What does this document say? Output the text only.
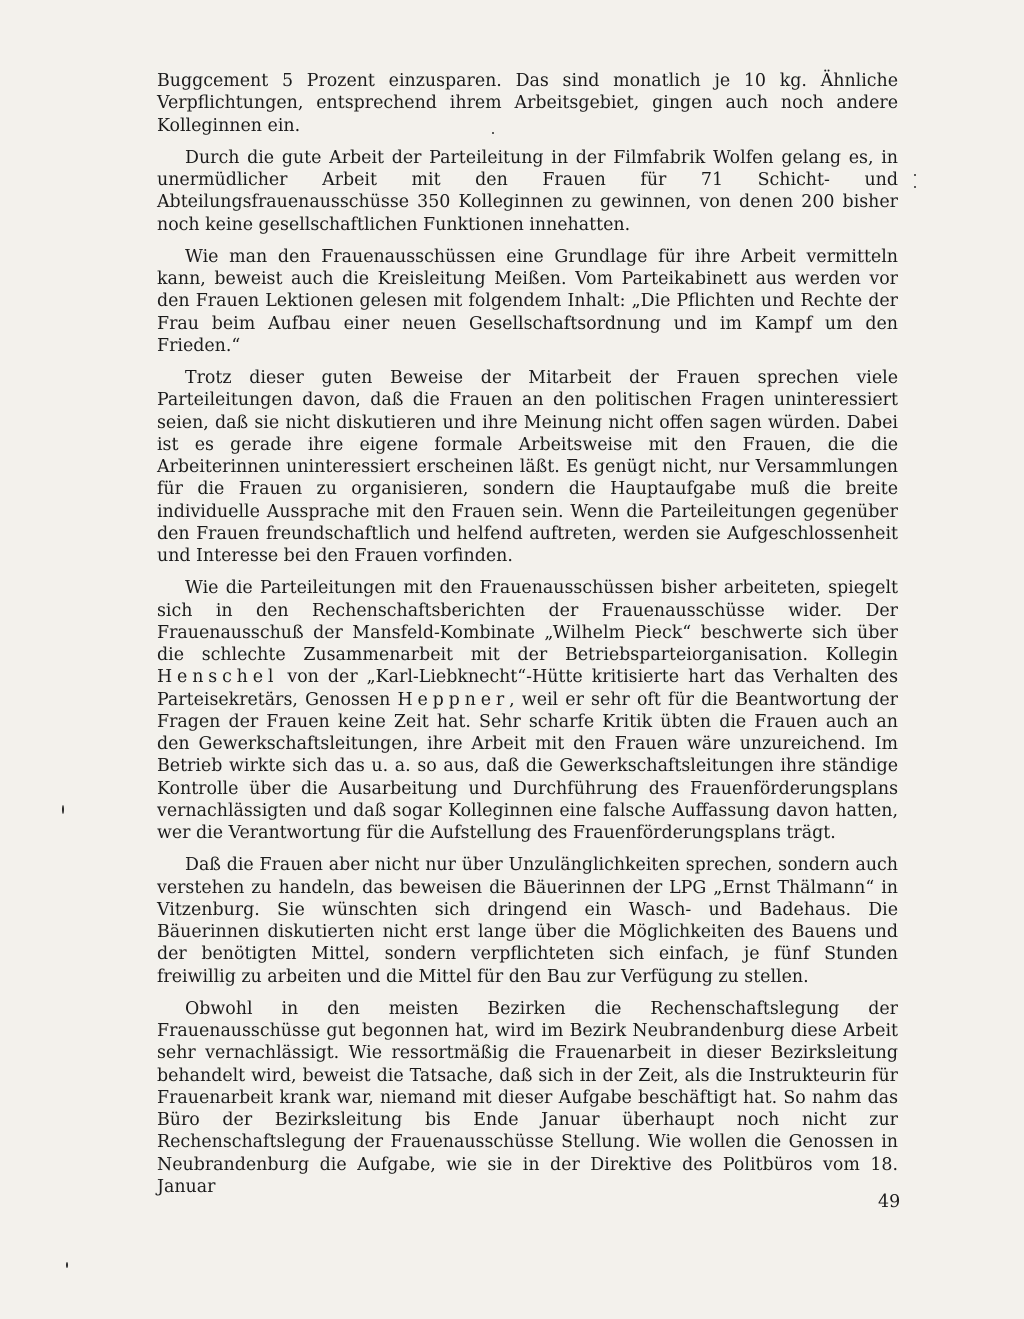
Buggcement 5 Prozent einzusparen. Das sind monatlich je 10 kg. Ähnliche Verpflichtungen, entsprechend ihrem Arbeitsgebiet, gingen auch noch andere Kolleginnen ein.

Durch die gute Arbeit der Parteileitung in der Filmfabrik Wolfen gelang es, in unermüdlicher Arbeit mit den Frauen für 71 Schicht- und Abteilungsfrauenausschüsse 350 Kolleginnen zu gewinnen, von denen 200 bisher noch keine gesellschaftlichen Funktionen innehatten.

Wie man den Frauenausschüssen eine Grundlage für ihre Arbeit vermitteln kann, beweist auch die Kreisleitung Meißen. Vom Parteikabinett aus werden vor den Frauen Lektionen gelesen mit folgendem Inhalt: „Die Pflichten und Rechte der Frau beim Aufbau einer neuen Gesellschaftsordnung und im Kampf um den Frieden.“

Trotz dieser guten Beweise der Mitarbeit der Frauen sprechen viele Parteileitungen davon, daß die Frauen an den politischen Fragen uninteressiert seien, daß sie nicht diskutieren und ihre Meinung nicht offen sagen würden. Dabei ist es gerade ihre eigene formale Arbeitsweise mit den Frauen, die die Arbeiterinnen uninteressiert erscheinen läßt. Es genügt nicht, nur Versammlungen für die Frauen zu organisieren, sondern die Hauptaufgabe muß die breite individuelle Aussprache mit den Frauen sein. Wenn die Parteileitungen gegenüber den Frauen freundschaftlich und helfend auftreten, werden sie Aufgeschlossenheit und Interesse bei den Frauen vorfinden.

Wie die Parteileitungen mit den Frauenausschüssen bisher arbeiteten, spiegelt sich in den Rechenschaftsberichten der Frauenausschüsse wider. Der Frauenausschuß der Mansfeld-Kombinate „Wilhelm Pieck“ beschwerte sich über die schlechte Zusammenarbeit mit der Betriebsparteiorganisation. Kollegin Henschel von der „Karl-Liebknecht“-Hütte kritisierte hart das Verhalten des Parteisekretärs, Genossen Heppner, weil er sehr oft für die Beantwortung der Fragen der Frauen keine Zeit hat. Sehr scharfe Kritik übten die Frauen auch an den Gewerkschaftsleitungen, ihre Arbeit mit den Frauen wäre unzureichend. Im Betrieb wirkte sich das u. a. so aus, daß die Gewerkschaftsleitungen ihre ständige Kontrolle über die Ausarbeitung und Durchführung des Frauenförderungsplans vernachlässigten und daß sogar Kolleginnen eine falsche Auffassung davon hatten, wer die Verantwortung für die Aufstellung des Frauenförderungsplans trägt.

Daß die Frauen aber nicht nur über Unzulänglichkeiten sprechen, sondern auch verstehen zu handeln, das beweisen die Bäuerinnen der LPG „Ernst Thälmann“ in Vitzenburg. Sie wünschten sich dringend ein Wasch- und Badehaus. Die Bäuerinnen diskutierten nicht erst lange über die Möglichkeiten des Bauens und der benötigten Mittel, sondern verpflichteten sich einfach, je fünf Stunden freiwillig zu arbeiten und die Mittel für den Bau zur Verfügung zu stellen.

Obwohl in den meisten Bezirken die Rechenschaftslegung der Frauenausschüsse gut begonnen hat, wird im Bezirk Neubrandenburg diese Arbeit sehr vernachlässigt. Wie ressortmäßig die Frauenarbeit in dieser Bezirksleitung behandelt wird, beweist die Tatsache, daß sich in der Zeit, als die Instrukteurin für Frauenarbeit krank war, niemand mit dieser Aufgabe beschäftigt hat. So nahm das Büro der Bezirksleitung bis Ende Januar überhaupt noch nicht zur Rechenschaftslegung der Frauenausschüsse Stellung. Wie wollen die Genossen in Neubrandenburg die Aufgabe, wie sie in der Direktive des Politbüros vom 18. Januar

49
